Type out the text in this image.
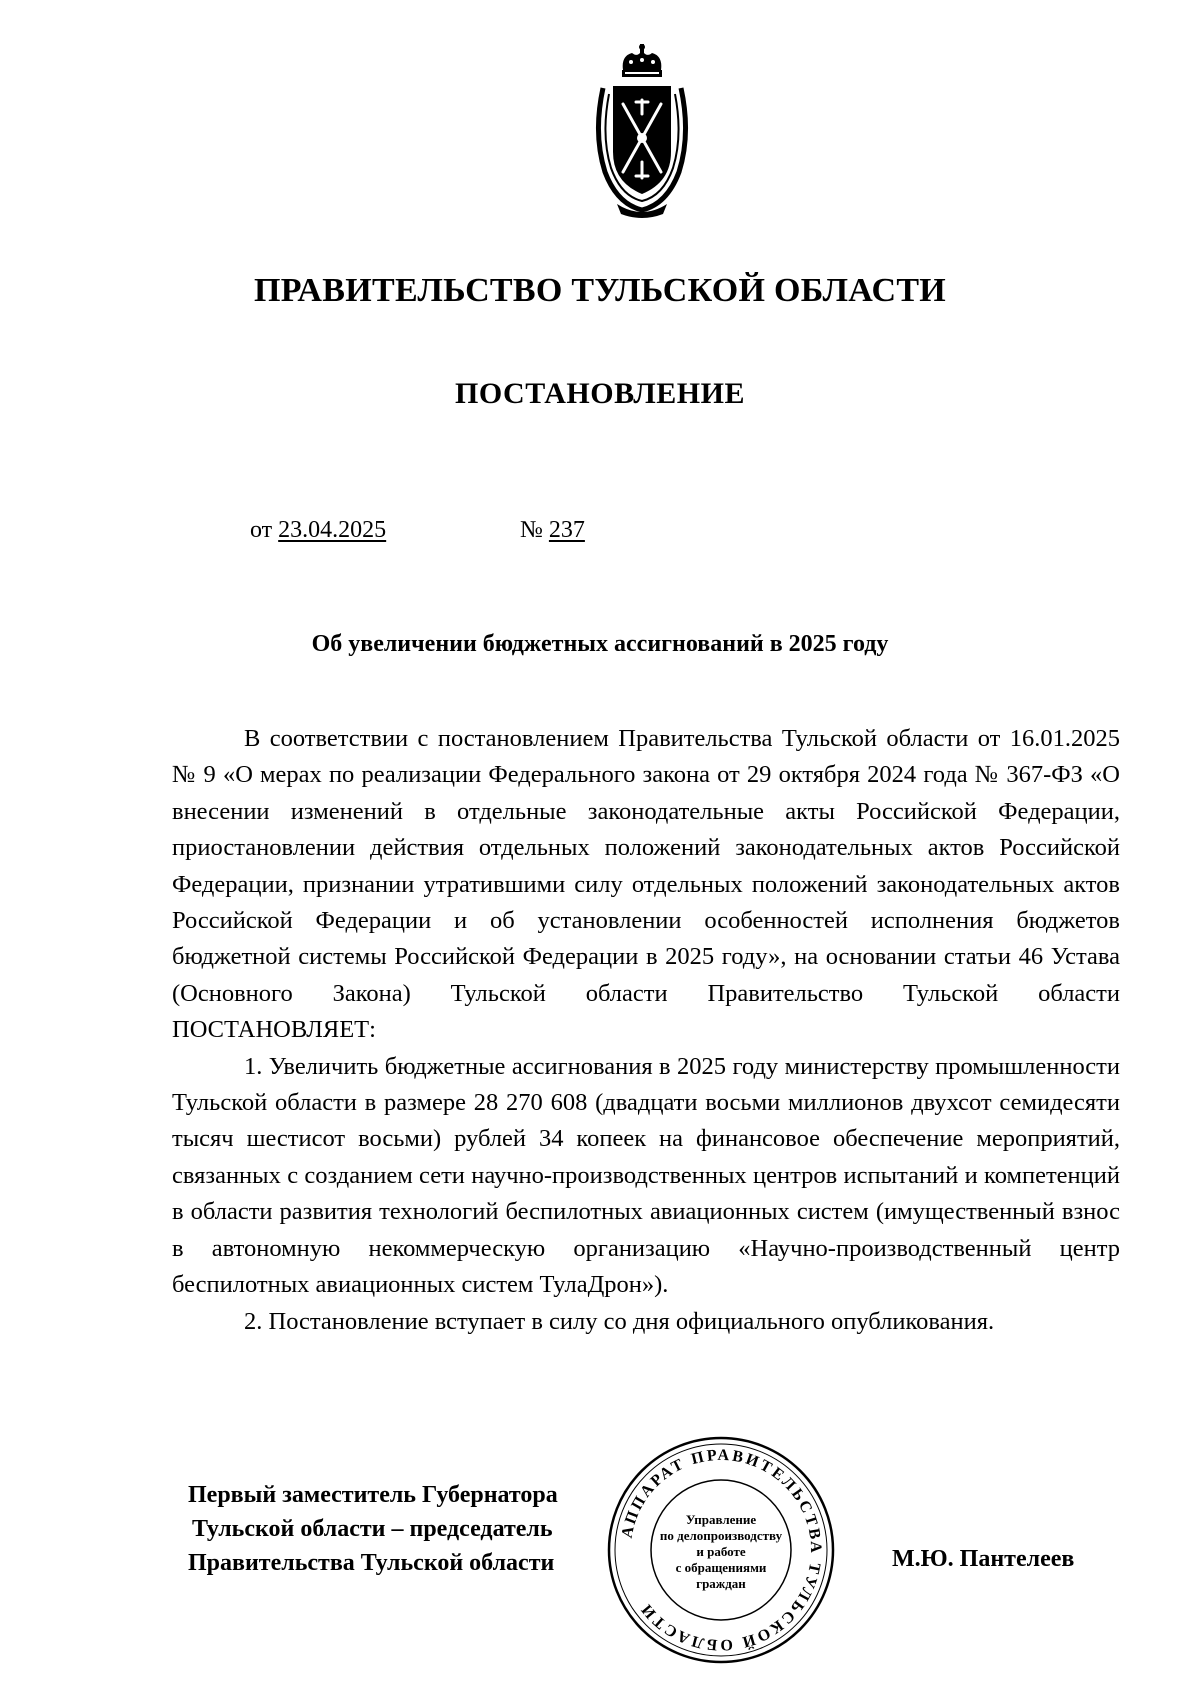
ПРАВИТЕЛЬСТВО ТУЛЬСКОЙ ОБЛАСТИ
ПОСТАНОВЛЕНИЕ
от 23.04.2025	№ 237
Об увеличении бюджетных ассигнований в 2025 году

В соответствии с постановлением Правительства Тульской области от 16.01.2025 № 9 «О мерах по реализации Федерального закона от 29 октября 2024 года № 367-ФЗ «О внесении изменений в отдельные законодательные акты Российской Федерации, приостановлении действия отдельных положений законодательных актов Российской Федерации, признании утратившими силу отдельных положений законодательных актов Российской Федерации и об установлении особенностей исполнения бюджетов бюджетной системы Российской Федерации в 2025 году», на основании статьи 46 Устава (Основного Закона) Тульской области Правительство Тульской области ПОСТАНОВЛЯЕТ:

1. Увеличить бюджетные ассигнования в 2025 году министерству промышленности Тульской области в размере 28 270 608 (двадцати восьми миллионов двухсот семидесяти тысяч шестисот восьми) рублей 34 копеек на финансовое обеспечение мероприятий, связанных с созданием сети научно-производственных центров испытаний и компетенций в области развития технологий беспилотных авиационных систем (имущественный взнос в автономную некоммерческую организацию «Научно-производственный центр беспилотных авиационных систем ТулаДрон»).

2. Постановление вступает в силу со дня официального опубликования.

Первый заместитель Губернатора
Тульской области – председатель
Правительства Тульской области	М.Ю. Пантелеев
АППАРАТ ПРАВИТЕЛЬСТВА ТУЛЬСКОЙ ОБЛАСТИ
Управление
по делопроизводству
и работе
с обращениями
граждан
